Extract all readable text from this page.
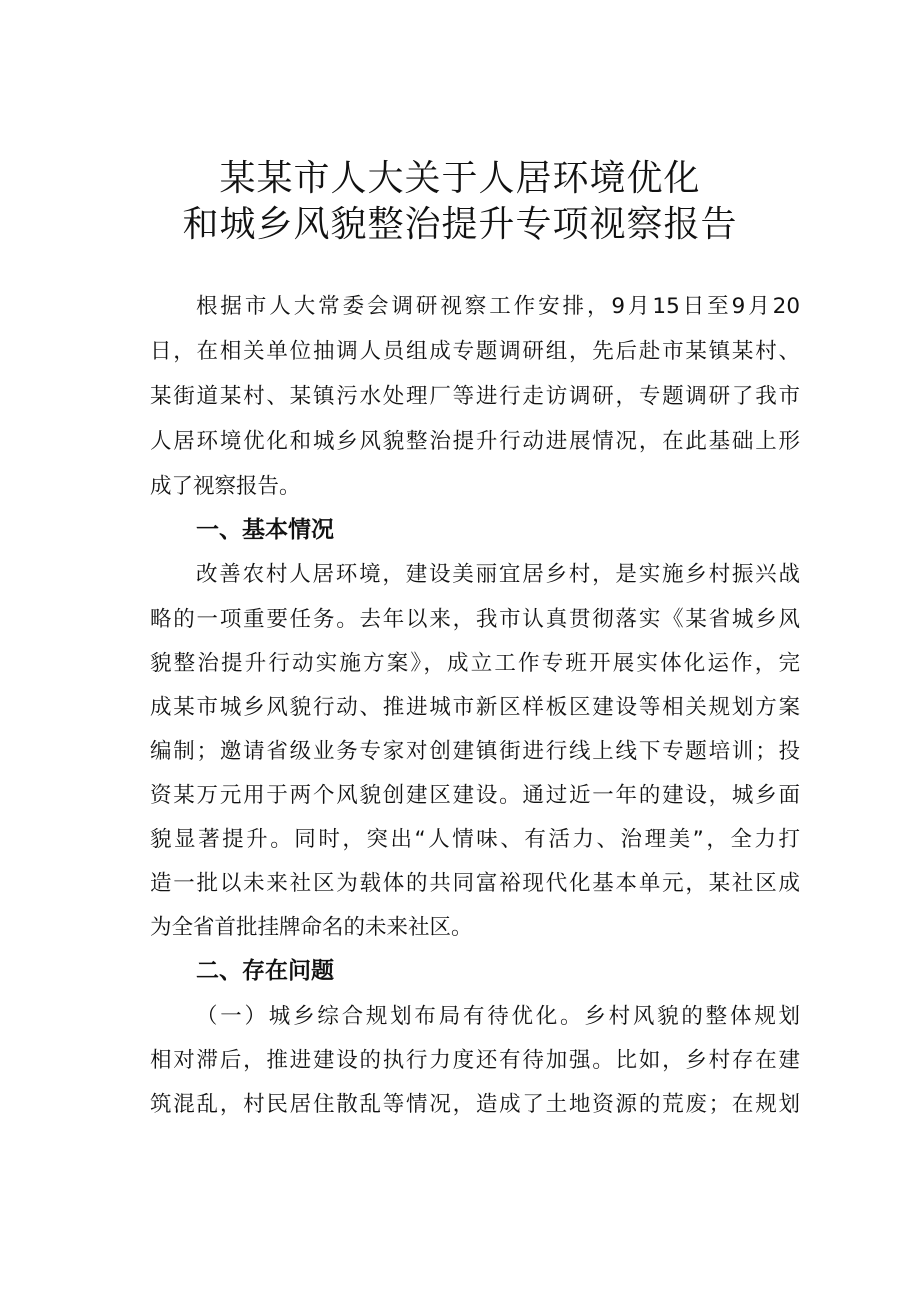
某某市人大关于人居环境优化
和城乡风貌整治提升专项视察报告
根据市人大常委会调研视察工作安排，9月15日至9月20
日，在相关单位抽调人员组成专题调研组，先后赴市某镇某村、
某街道某村、某镇污水处理厂等进行走访调研，专题调研了我市
人居环境优化和城乡风貌整治提升行动进展情况，在此基础上形
成了视察报告。
一、基本情况
改善农村人居环境，建设美丽宜居乡村，是实施乡村振兴战
略的一项重要任务。去年以来，我市认真贯彻落实《某省城乡风
貌整治提升行动实施方案》，成立工作专班开展实体化运作，完
成某市城乡风貌行动、推进城市新区样板区建设等相关规划方案
编制；邀请省级业务专家对创建镇街进行线上线下专题培训；投
资某万元用于两个风貌创建区建设。通过近一年的建设，城乡面
貌显著提升。同时，突出“人情味、有活力、治理美”，全力打
造一批以未来社区为载体的共同富裕现代化基本单元，某社区成
为全省首批挂牌命名的未来社区。
二、存在问题
（一）城乡综合规划布局有待优化。乡村风貌的整体规划
相对滞后，推进建设的执行力度还有待加强。比如，乡村存在建
筑混乱，村民居住散乱等情况，造成了土地资源的荒废；在规划
